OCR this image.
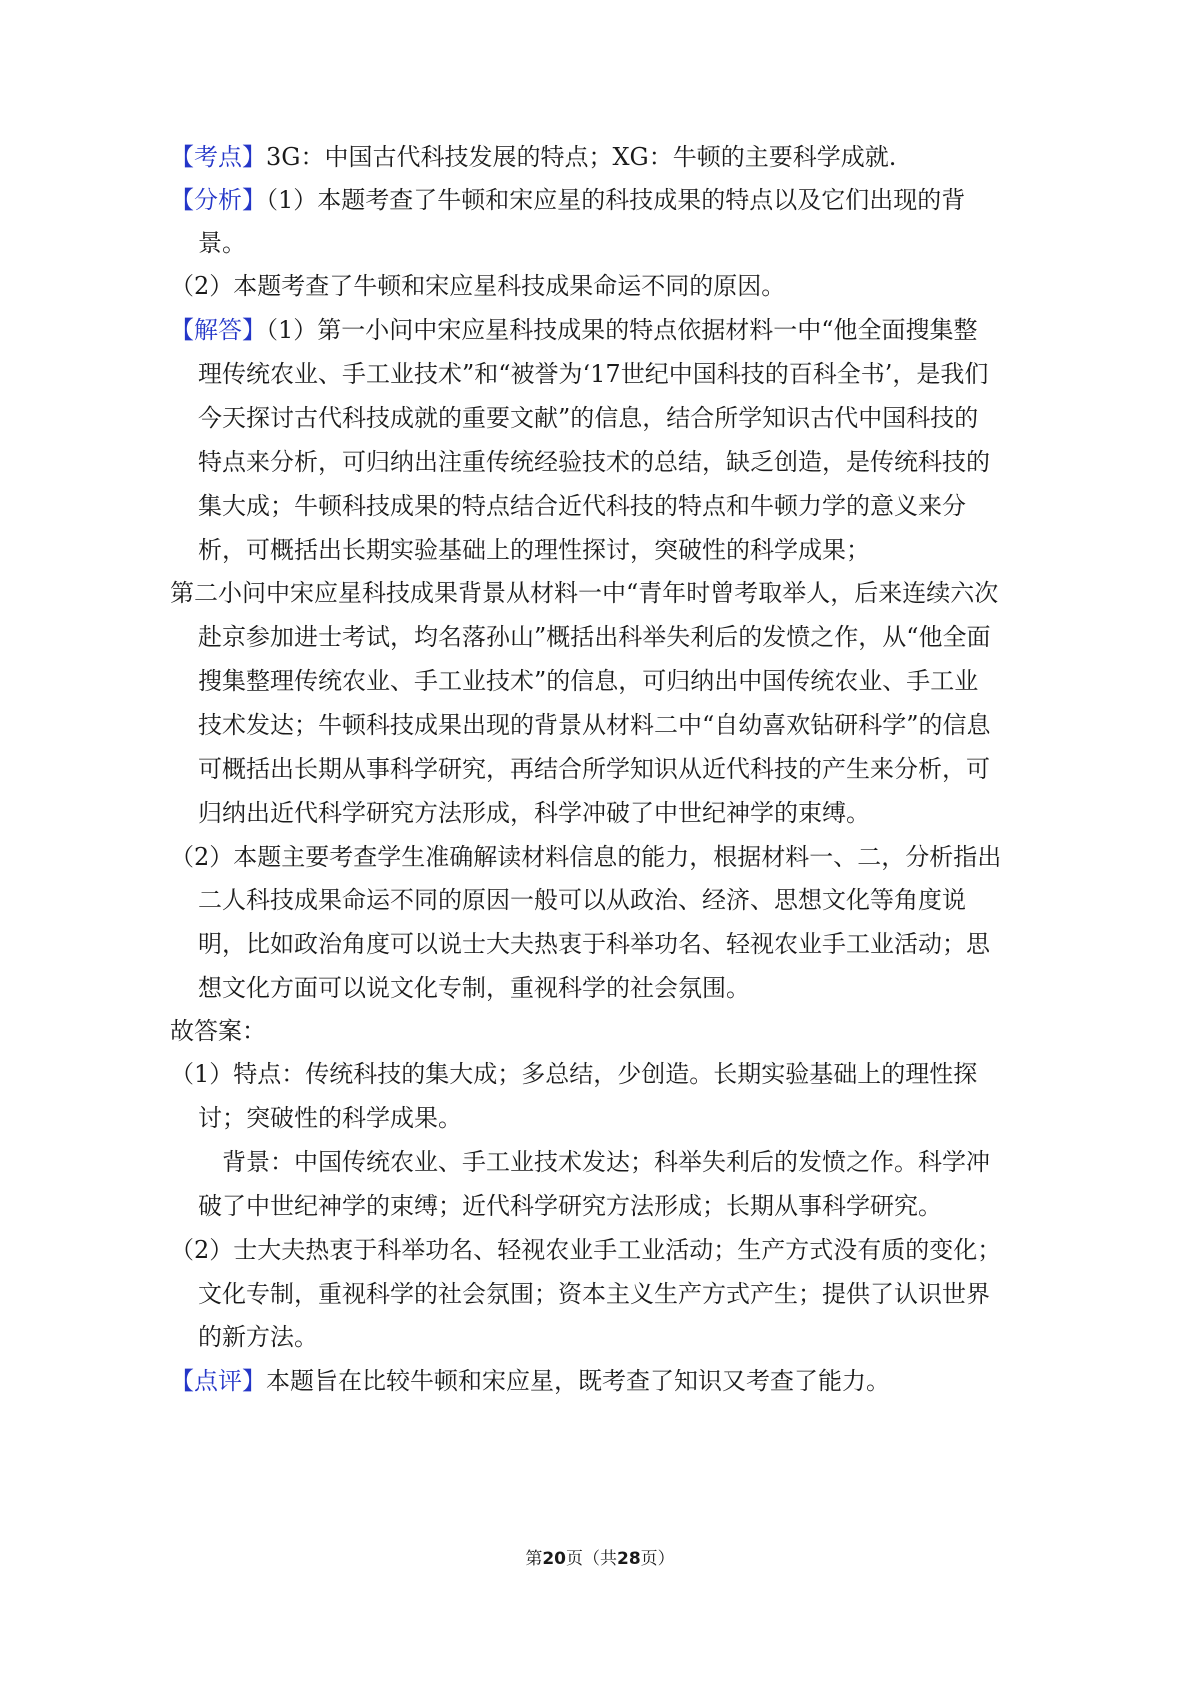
【考点】3G：中国古代科技发展的特点；XG：牛顿的主要科学成就.
【分析】（1）本题考查了牛顿和宋应星的科技成果的特点以及它们出现的背
景。
（2）本题考查了牛顿和宋应星科技成果命运不同的原因。
【解答】（1）第一小问中宋应星科技成果的特点依据材料一中“他全面搜集整
理传统农业、手工业技术”和“被誉为‘17世纪中国科技的百科全书’，是我们
今天探讨古代科技成就的重要文献”的信息，结合所学知识古代中国科技的
特点来分析，可归纳出注重传统经验技术的总结，缺乏创造，是传统科技的
集大成；牛顿科技成果的特点结合近代科技的特点和牛顿力学的意义来分
析，可概括出长期实验基础上的理性探讨，突破性的科学成果；
第二小问中宋应星科技成果背景从材料一中“青年时曾考取举人，后来连续六次
赴京参加进士考试，均名落孙山”概括出科举失利后的发愤之作，从“他全面
搜集整理传统农业、手工业技术”的信息，可归纳出中国传统农业、手工业
技术发达；牛顿科技成果出现的背景从材料二中“自幼喜欢钻研科学”的信息
可概括出长期从事科学研究，再结合所学知识从近代科技的产生来分析，可
归纳出近代科学研究方法形成，科学冲破了中世纪神学的束缚。
（2）本题主要考查学生准确解读材料信息的能力，根据材料一、二，分析指出
二人科技成果命运不同的原因一般可以从政治、经济、思想文化等角度说
明，比如政治角度可以说士大夫热衷于科举功名、轻视农业手工业活动；思
想文化方面可以说文化专制，重视科学的社会氛围。
故答案：
（1）特点：传统科技的集大成；多总结，少创造。长期实验基础上的理性探
讨；突破性的科学成果。
背景：中国传统农业、手工业技术发达；科举失利后的发愤之作。科学冲
破了中世纪神学的束缚；近代科学研究方法形成；长期从事科学研究。
（2）士大夫热衷于科举功名、轻视农业手工业活动；生产方式没有质的变化；
文化专制，重视科学的社会氛围；资本主义生产方式产生；提供了认识世界
的新方法。
【点评】本题旨在比较牛顿和宋应星，既考查了知识又考查了能力。
第20页（共28页）
